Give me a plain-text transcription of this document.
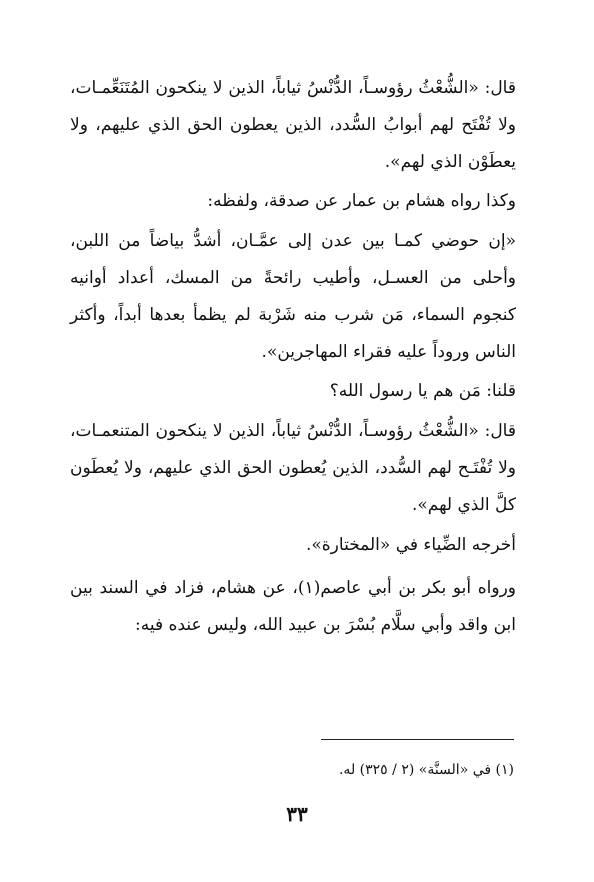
قال: «الشُّعْثُ رؤوسـاً، الدُّنْسُ ثياباً، الذين لا ينكحون المُتَنَعِّمـات، ولا تُفْتَح لهم أبوابُ السُّدد، الذين يعطون الحق الذي عليهم، ولا يعطَوْن الذي لهم».

وكذا رواه هشام بن عمار عن صدقة، ولفظه:

«إن حوضي كمـا بين عدن إلى عمَّـان، أشدُّ بياضاً من اللبن، وأحلى من العسـل، وأطيب رائحةً من المسك، أعداد أوانيه كنجوم السماء، مَن شرب منه شَرْبة لم يظمأ بعدها أبداً، وأكثر الناس وروداً عليه فقراء المهاجرين».

قلنا: مَن هم يا رسول الله؟

قال: «الشُّعْثُ رؤوسـاً، الدُّنْسُ ثياباً، الذين لا ينكحون المتنعمـات، ولا تُفْتَـح لهم السُّدد، الذين يُعطون الحق الذي عليهم، ولا يُعطَون كلَّ الذي لهم».

أخرجه الضِّياء في «المختارة».

ورواه أبو بكر بن أبي عاصم(١)، عن هشام، فزاد في السند بين ابن واقد وأبي سلَّام بُسْرَ بن عبيد الله، وليس عنده فيه:

(١) في «السنَّة» (٢ / ٣٢٥) له.
٣٣
